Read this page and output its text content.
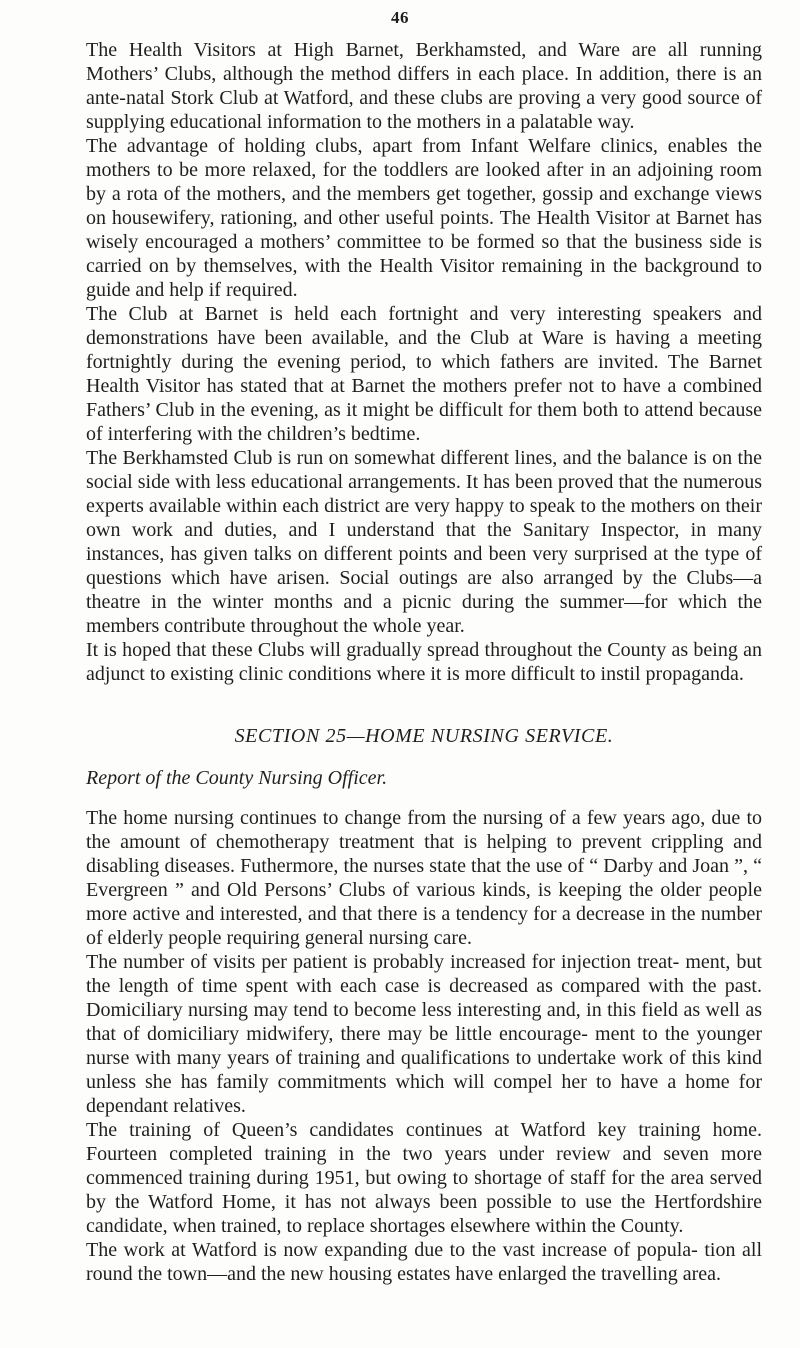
46

The Health Visitors at High Barnet, Berkhamsted, and Ware are all running Mothers’ Clubs, although the method differs in each place. In addition, there is an ante-natal Stork Club at Watford, and these clubs are proving a very good source of supplying educational information to the mothers in a palatable way.

The advantage of holding clubs, apart from Infant Welfare clinics, enables the mothers to be more relaxed, for the toddlers are looked after in an adjoining room by a rota of the mothers, and the members get together, gossip and exchange views on housewifery, rationing, and other useful points. The Health Visitor at Barnet has wisely encouraged a mothers’ committee to be formed so that the business side is carried on by themselves, with the Health Visitor remaining in the background to guide and help if required.

The Club at Barnet is held each fortnight and very interesting speakers and demonstrations have been available, and the Club at Ware is having a meeting fortnightly during the evening period, to which fathers are invited. The Barnet Health Visitor has stated that at Barnet the mothers prefer not to have a combined Fathers’ Club in the evening, as it might be difficult for them both to attend because of interfering with the children’s bedtime.

The Berkhamsted Club is run on somewhat different lines, and the balance is on the social side with less educational arrangements. It has been proved that the numerous experts available within each district are very happy to speak to the mothers on their own work and duties, and I understand that the Sanitary Inspector, in many instances, has given talks on different points and been very surprised at the type of questions which have arisen. Social outings are also arranged by the Clubs—a theatre in the winter months and a picnic during the summer—for which the members contribute throughout the whole year.

It is hoped that these Clubs will gradually spread throughout the County as being an adjunct to existing clinic conditions where it is more difficult to instil propaganda.

SECTION 25—HOME NURSING SERVICE.
Report of the County Nursing Officer.

The home nursing continues to change from the nursing of a few years ago, due to the amount of chemotherapy treatment that is helping to prevent crippling and disabling diseases. Futhermore, the nurses state that the use of “ Darby and Joan ”, “ Evergreen ” and Old Persons’ Clubs of various kinds, is keeping the older people more active and interested, and that there is a tendency for a decrease in the number of elderly people requiring general nursing care.

The number of visits per patient is probably increased for injection treat- ment, but the length of time spent with each case is decreased as compared with the past. Domiciliary nursing may tend to become less interesting and, in this field as well as that of domiciliary midwifery, there may be little encourage- ment to the younger nurse with many years of training and qualifications to undertake work of this kind unless she has family commitments which will compel her to have a home for dependant relatives.

The training of Queen’s candidates continues at Watford key training home. Fourteen completed training in the two years under review and seven more commenced training during 1951, but owing to shortage of staff for the area served by the Watford Home, it has not always been possible to use the Hertfordshire candidate, when trained, to replace shortages elsewhere within the County.

The work at Watford is now expanding due to the vast increase of popula- tion all round the town—and the new housing estates have enlarged the travelling area.
